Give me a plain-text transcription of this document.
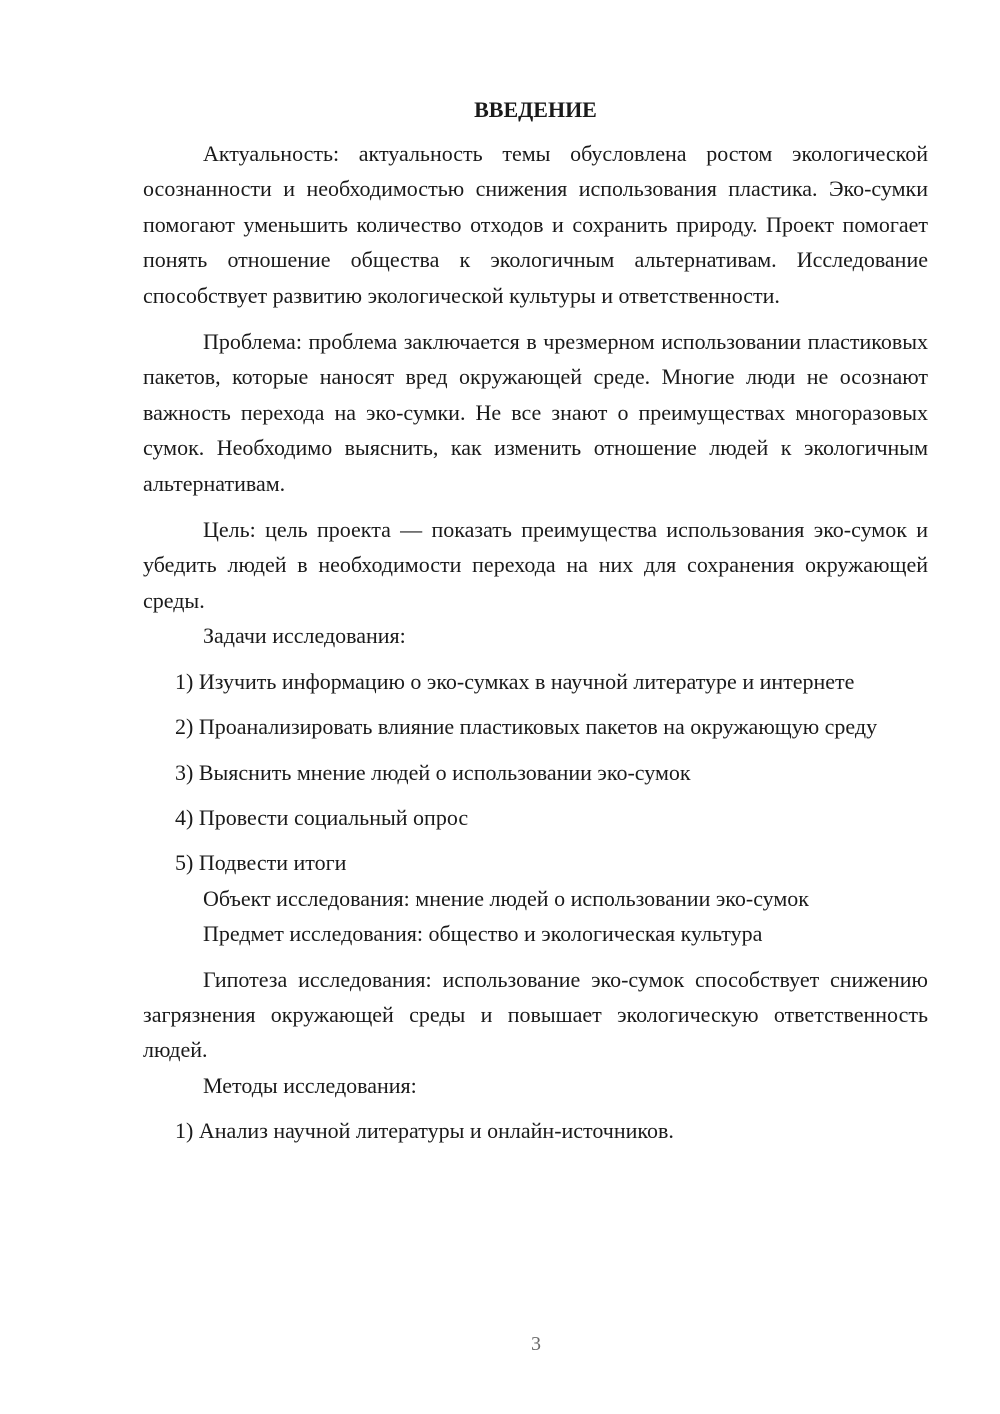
ВВЕДЕНИЕ

Актуальность: актуальность темы обусловлена ростом экологической осознанности и необходимостью снижения использования пластика. Эко-сумки помогают уменьшить количество отходов и сохранить природу. Проект помогает понять отношение общества к экологичным альтернативам. Исследование способствует развитию экологической культуры и ответственности.

Проблема: проблема заключается в чрезмерном использовании пластиковых пакетов, которые наносят вред окружающей среде. Многие люди не осознают важность перехода на эко-сумки. Не все знают о преимуществах многоразовых сумок. Необходимо выяснить, как изменить отношение людей к экологичным альтернативам.

Цель: цель проекта — показать преимущества использования эко-сумок и убедить людей в необходимости перехода на них для сохранения окружающей среды.

Задачи исследования:

1) Изучить информацию о эко-сумках в научной литературе и интернете

2) Проанализировать влияние пластиковых пакетов на окружающую среду

3) Выяснить мнение людей о использовании эко-сумок

4) Провести социальный опрос

5) Подвести итоги

Объект исследования: мнение людей о использовании эко-сумок

Предмет исследования: общество и экологическая культура

Гипотеза исследования: использование эко-сумок способствует снижению загрязнения окружающей среды и повышает экологическую ответственность людей.

Методы исследования:

1) Анализ научной литературы и онлайн-источников.

3
